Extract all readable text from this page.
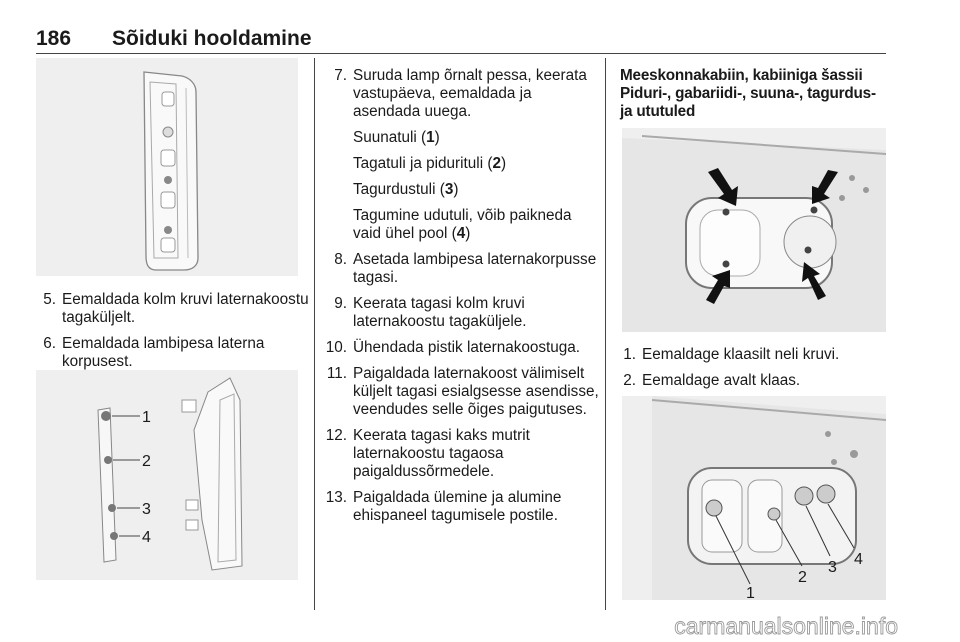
186 Sõiduki hooldamine
5. Eemaldada kolm kruvi laternakoostu tagaküljelt.
6. Eemaldada lambipesa laterna korpusest.
1
2
3
4
7. Suruda lamp õrnalt pessa, keerata vastupäeva, eemaldada ja asendada uuega.
Suunatuli (1)
Tagatuli ja pidurituli (2)
Tagurdustuli (3)
Tagumine udutuli, võib paikneda vaid ühel pool (4)
8. Asetada lambipesa laternakorpusse tagasi.
9. Keerata tagasi kolm kruvi laternakoostu tagaküljele.
10. Ühendada pistik laternakoostuga.
11. Paigaldada laternakoost välimiselt küljelt tagasi esialgsesse asendisse, veendudes selle õiges paigutuses.
12. Keerata tagasi kaks mutrit laternakoostu tagaosa paigaldussõrmedele.
13. Paigaldada ülemine ja alumine ehispaneel tagumisele postile.
Meeskonnakabiin, kabiiniga šassii
Piduri-, gabariidi-, suuna-, tagurdus- ja ututuled
1. Eemaldage klaasilt neli kruvi.
2. Eemaldage avalt klaas.
1
2
3 4
carmanualsonline.info
